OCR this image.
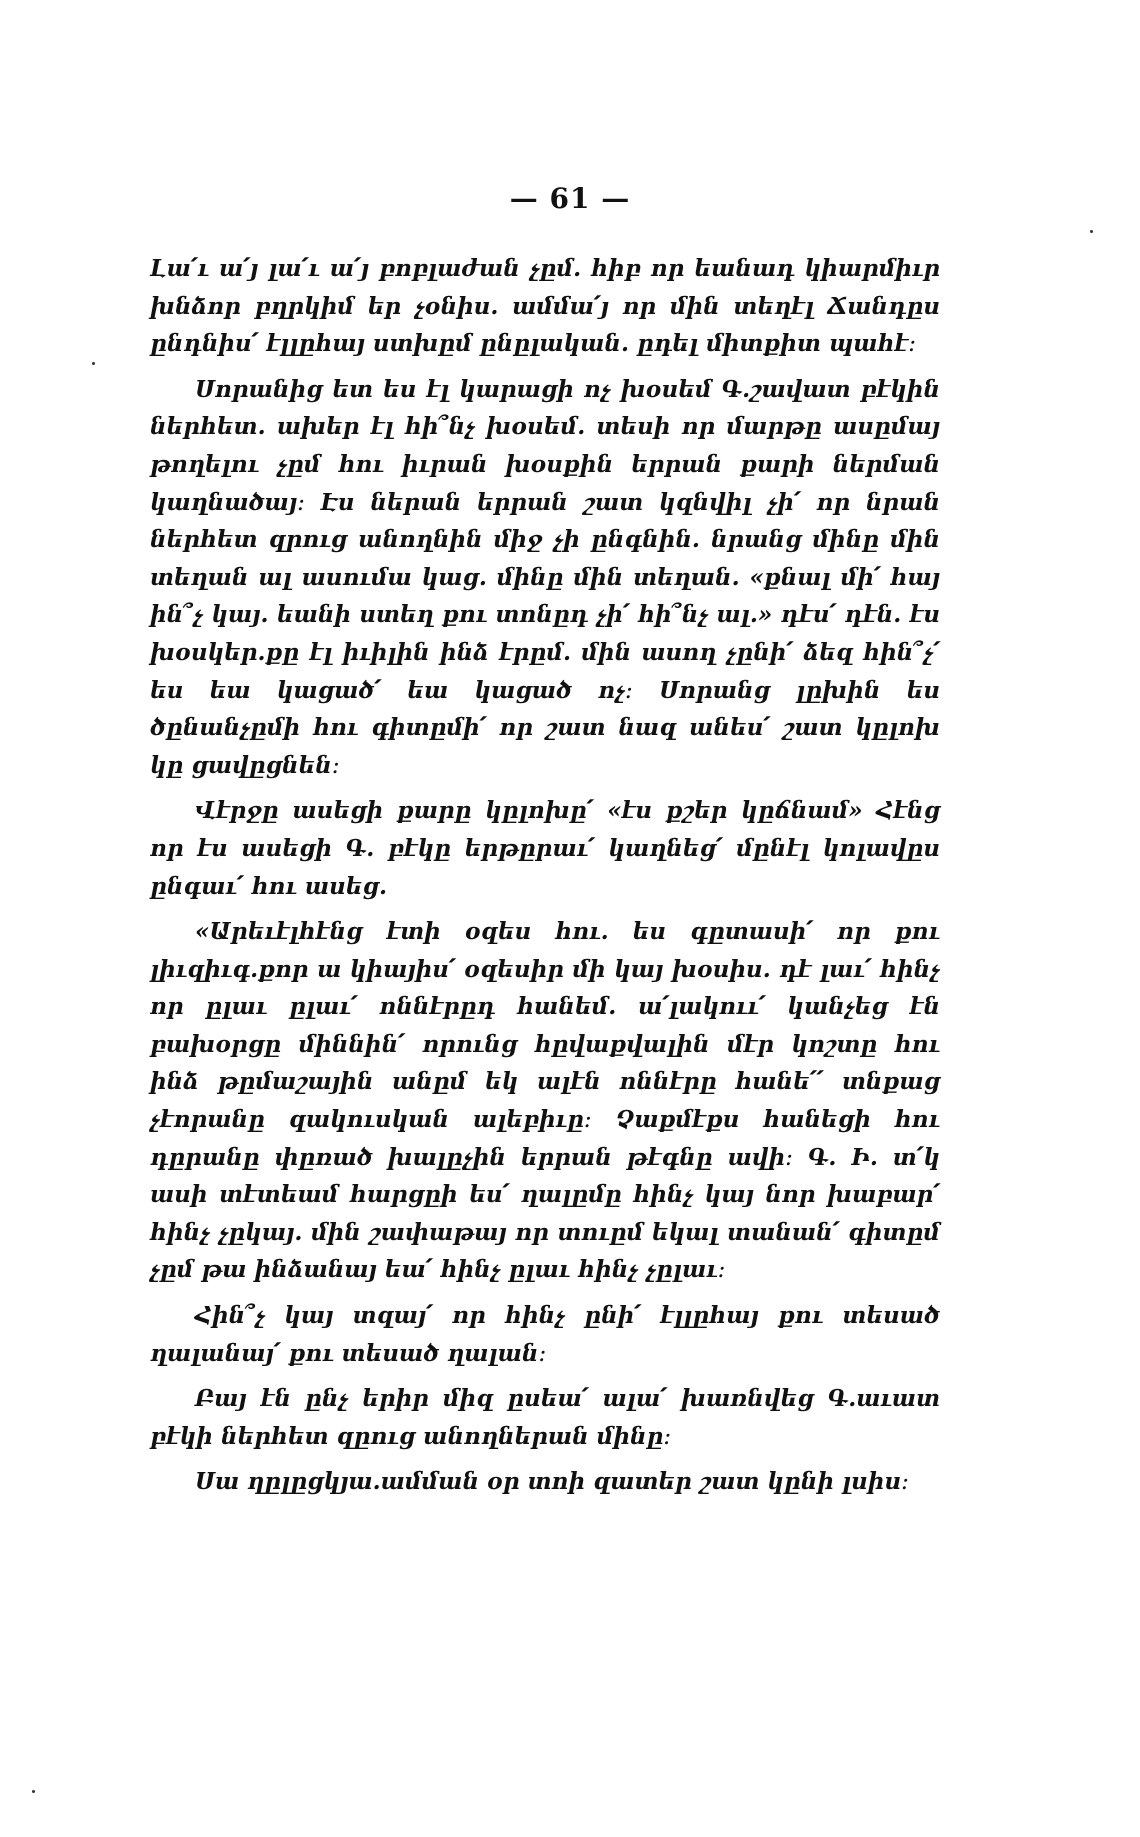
— 61 —

Լա՛ւ ա՛յ լա՛ւ ա՛յ բոբլաժան չըմ. հիբ որ եանադ կիարմիւր խնձոր բղրկիմ եր չօնիս. ամմա՛յ որ մին տեղէլ Ճանդըս ընդնիս՛ էլլըհայ ստխըմ ընըլական. ըդել միտքիտ պահէ։

Սորանից ետ ես էլ կարացի ոչ խօսեմ Գ.շավատ բէկին ներհետ. ախեր էլ հի՞նչ խօսեմ. տեսի որ մարթը ասըմայ թողելու չըմ հու իւրան խօսքին երրան քարի ներման կաղնածայ։ Էս ներան երրան շատ կզնվիլ չի՛ որ նրան ներհետ զրուց անողնին միջ չի ընգնին. նրանց մինը մին տեղան ալ ասումա կաց. մինը մին տեղան. «քնալ մի՛ հայ ին՞չ կայ. եանի ստեղ քու տոնըդ չի՛ հի՞նչ ալ.» դէս՛ դէն. էս խօսկեր.քը էլ իւիլին ինձ էրըմ. մին ասող չընի՛ ձեզ հին՞չ՛ ես եա կացած՛ եա կացած ոչ։ Սորանց լըխին ես ծընանչըմի հու գիտըմի՛ որ շատ նազ անես՛ շատ կըլոխ կը ցավըցնեն։

Վէրջը ասեցի քարը կըլոխը՛ «էս քշեր կըճնամ» Հէնց որ էս ասեցի Գ. բէկը երթըրաւ՛ կաղնեց՛ մընէլ կոլավըս ընգաւ՛ հու ասեց.

«Արեւէլհէնց էտի օզես հու. ես գըտասի՛ որ քու լիւզիւգ.քոր ա կիայիս՛ օզեսիր մի կայ խօսիս. դէ լաւ՛ հինչ որ ըլաւ ըլաւ՛ ոննէրըդ հանեմ. ա՛լակոււ՛ կանչեց էն բախօրցը միննին՛ որունց հըվաքվալին մէր կոշտը հու ինձ թըմաշային անըմ եկ ալէն ոննէրը հանե՛՛ տնքաց չէորանը զակուսկան ալեբիւը։ Չաքմէքս հանեցի հու դըրանը փըռած խալըչին երրան թէգնը ավի։ Գ. Ի. տ՛կ ասի տէտեամ հարցըի ես՛ ղալըմը հինչ կայ նոր խաբար՛ հինչ չըկայ. մին շափաթայ որ տուըմ եկալ տանան՛ գիտըմ չըմ թա ինձանայ եա՛ հինչ ըլաւ հինչ չըլաւ։

Հին՞չ կայ տզայ՛ որ հինչ ընի՛ էլլըհայ քու տեսած ղալանայ՛ քու տեսած ղալան։

Բայ էն ընչ երիր միզ ըսեա՛ ալա՛ խառնվեց Գ.աւատ բէկի ներհետ զըուց անողներան մինը։

Սա ղըլըցկյա.ամման օր տոի զատեր շատ կընի լսիս։
